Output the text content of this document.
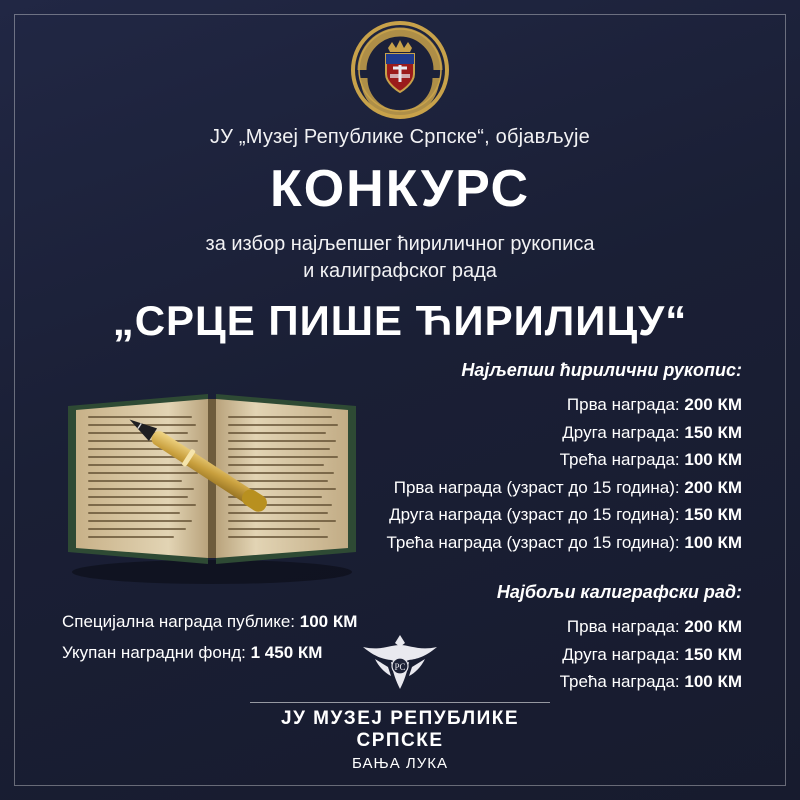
ЈУ „Музеј Републике Српске“, објављује
КОНКУРС
за избор најљепшег ћириличног рукописа
и калиграфског рада
„СРЦЕ ПИШЕ ЋИРИЛИЦУ“
Најљепши ћирилични рукопис:
Прва награда: 200 КМ
Друга награда: 150 КМ
Трећа награда: 100 КМ
Прва награда (узраст до 15 година): 200 КМ
Друга награда (узраст до 15 година): 150 КМ
Трећа награда (узраст до 15 година): 100 КМ
Најбољи калиграфски рад:
Прва награда: 200 КМ
Друга награда: 150 КМ
Трећа награда: 100 КМ
Специјална награда публике: 100 КМ
Укупан наградни фонд: 1 450 КМ
РС
ЈУ МУЗЕЈ РЕПУБЛИКЕ СРПСКЕ
БАЊА ЛУКА
